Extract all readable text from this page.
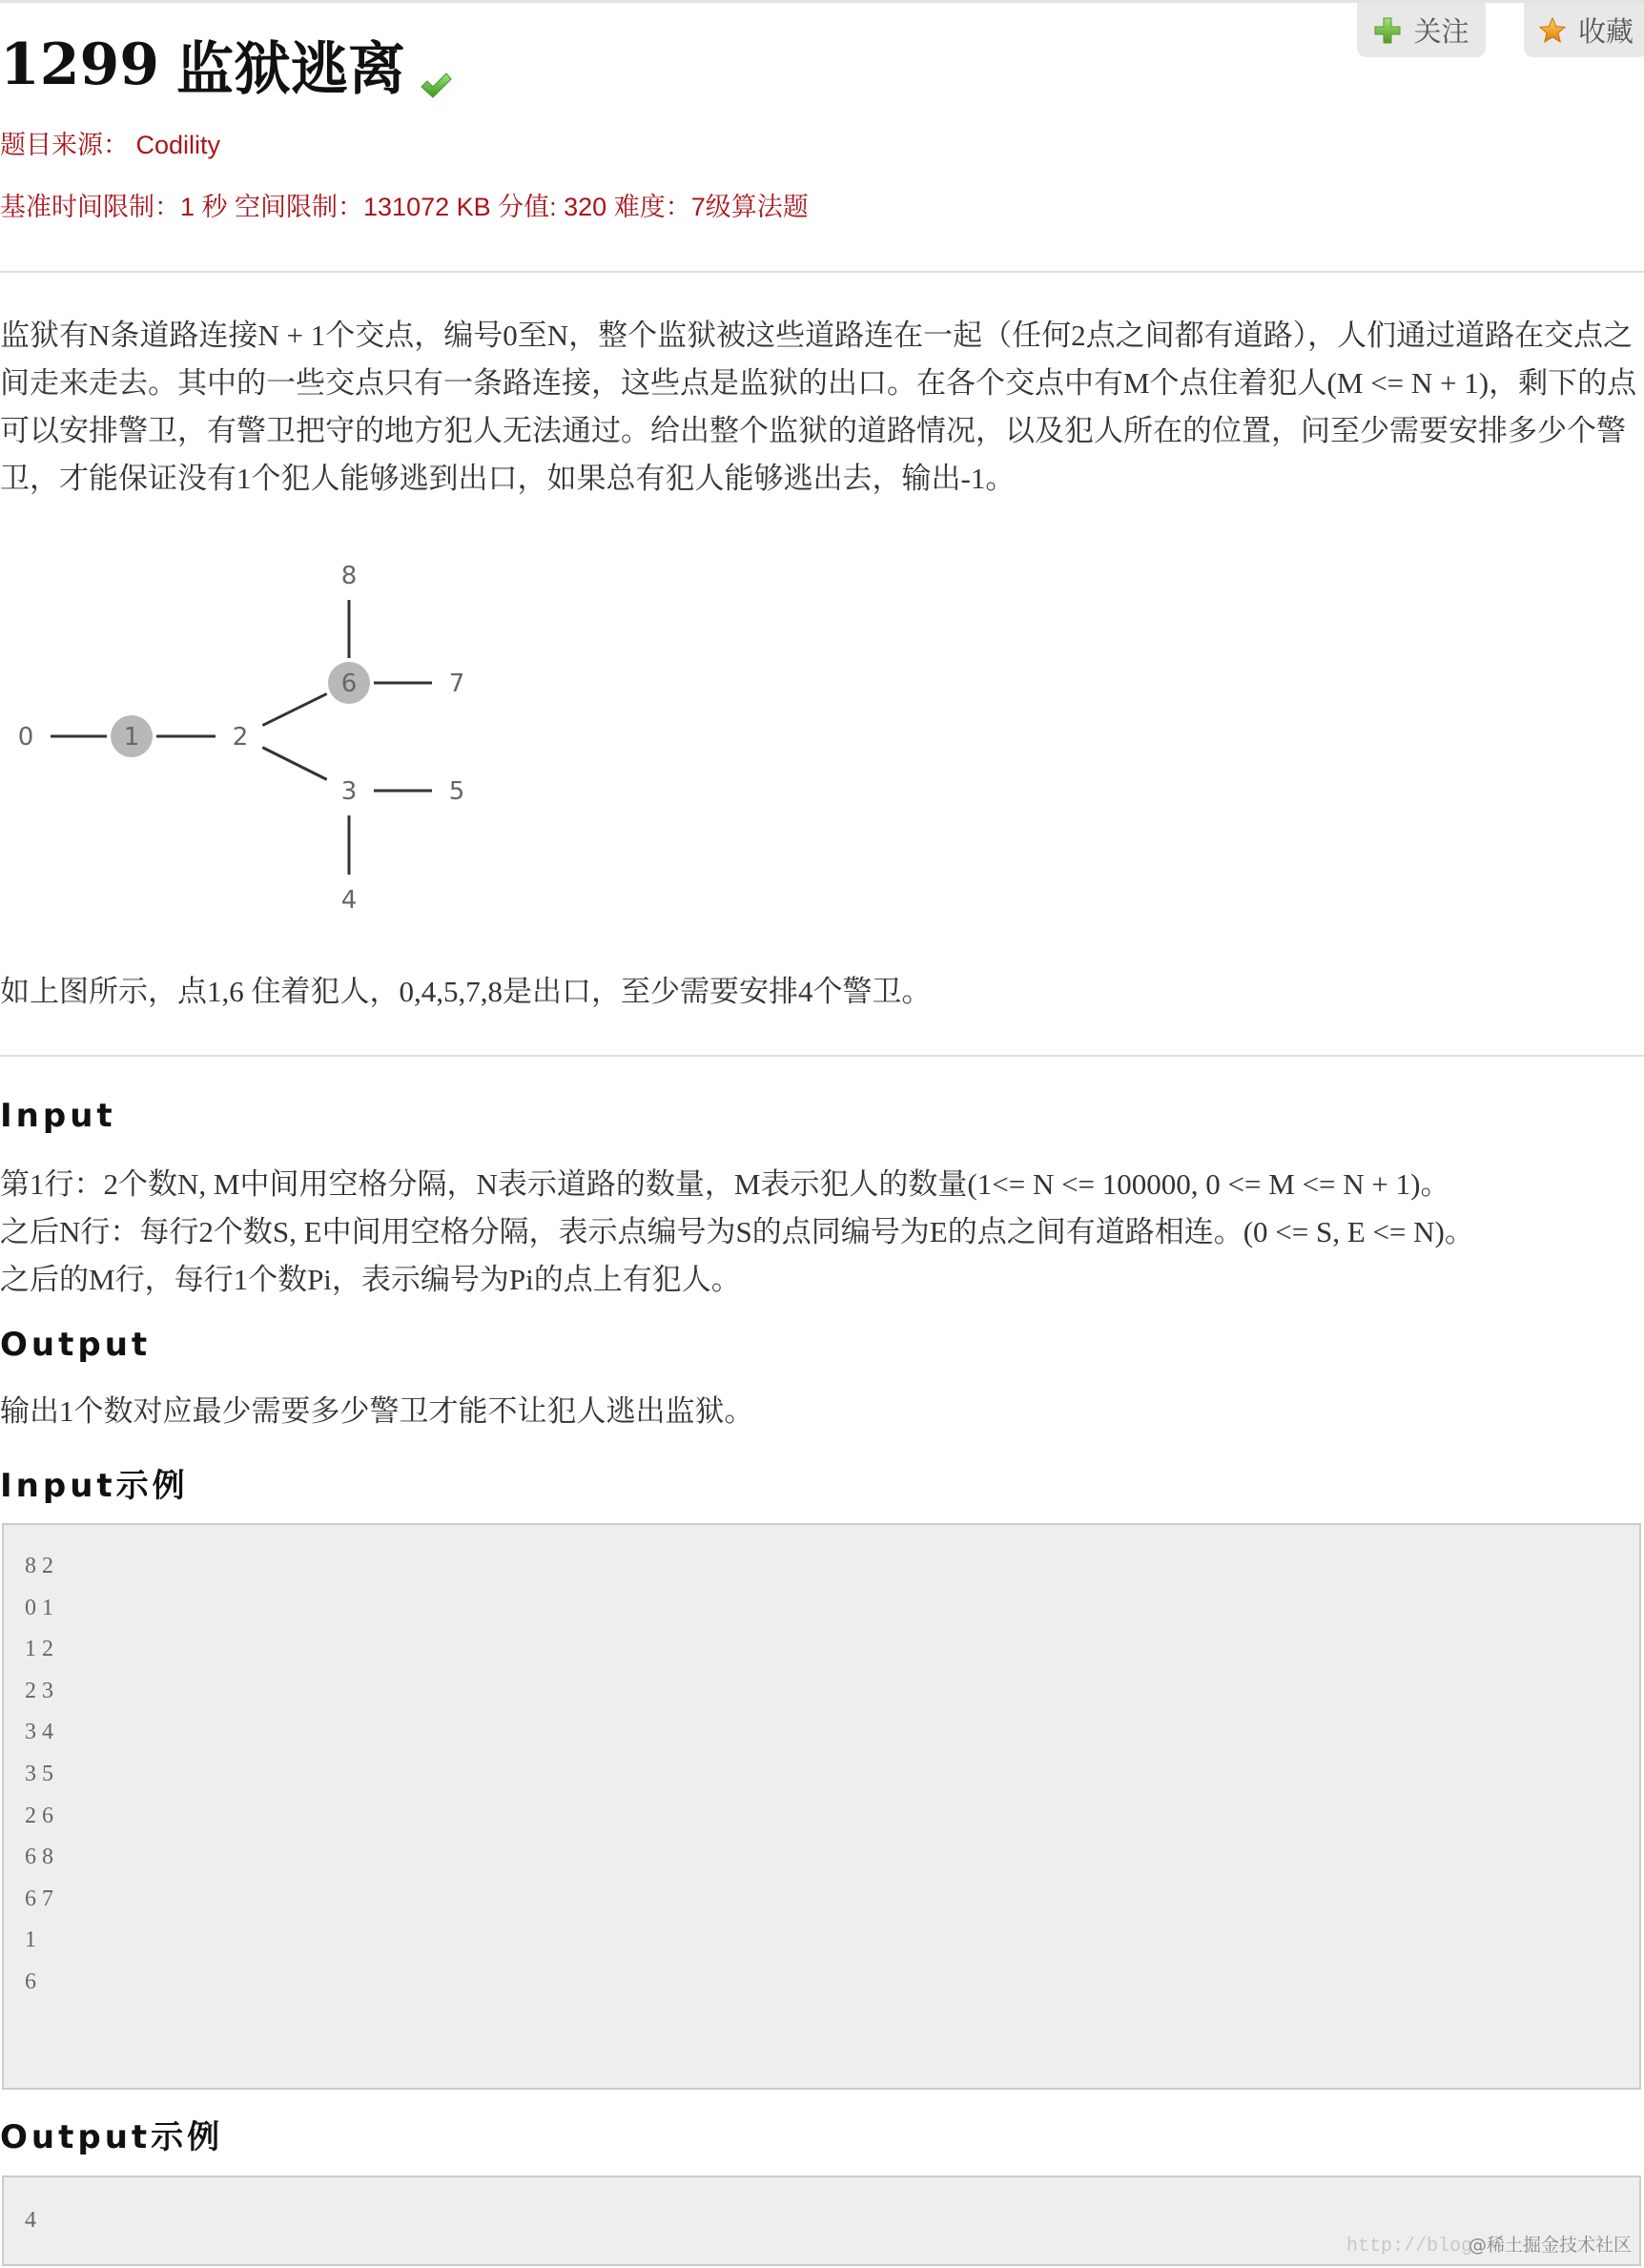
1299 监狱逃离
关注	收藏
题目来源： Codility
基准时间限制：1 秒 空间限制：131072 KB 分值: 320 难度：7级算法题

监狱有N条道路连接N + 1个交点，编号0至N，整个监狱被这些道路连在一起（任何2点之间都有道路），人们通过道路在交点之间走来走去。其中的一些交点只有一条路连接，这些点是监狱的出口。在各个交点中有M个点住着犯人(M <= N + 1)，剩下的点可以安排警卫，有警卫把守的地方犯人无法通过。给出整个监狱的道路情况，以及犯人所在的位置，问至少需要安排多少个警卫，才能保证没有1个犯人能够逃到出口，如果总有犯人能够逃出去，输出-1。

0	1	2
3
4
5
6	7
8

如上图所示，点1,6 住着犯人，0,4,5,7,8是出口，至少需要安排4个警卫。

Input
第1行：2个数N, M中间用空格分隔，N表示道路的数量，M表示犯人的数量(1<= N <= 100000, 0 <= M <= N + 1)。
之后N行：每行2个数S, E中间用空格分隔，表示点编号为S的点同编号为E的点之间有道路相连。(0 <= S, E <= N)。
之后的M行，每行1个数Pi，表示编号为Pi的点上有犯人。
Output

输出1个数对应最少需要多少警卫才能不让犯人逃出监狱。

Input示例
8 2
0 1
1 2
2 3
3 4
3 5
2 6
6 8
6 7
1
6
Output示例
4
http://blog@稀土掘金技术社区
